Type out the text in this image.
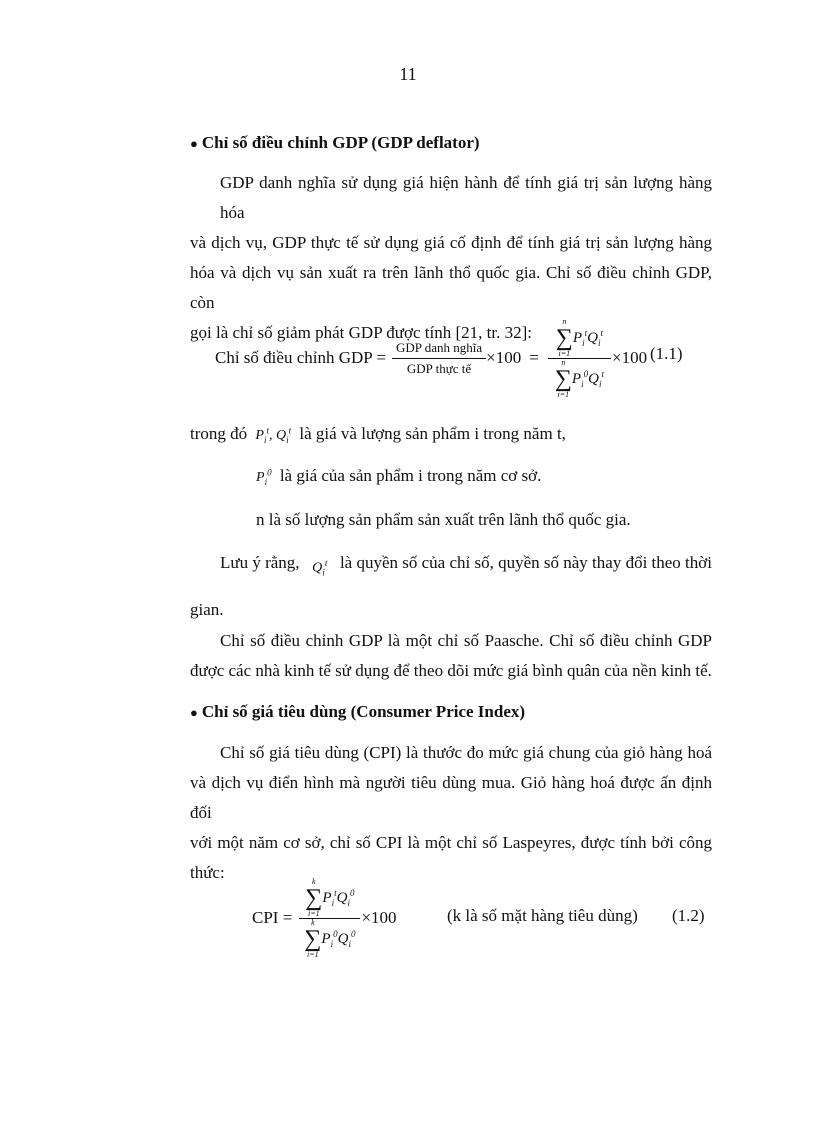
11
● Chỉ số điều chỉnh GDP (GDP deflator)
GDP danh nghĩa sử dụng giá hiện hành để tính giá trị sản lượng hàng hóa
và dịch vụ, GDP thực tế sử dụng giá cố định để tính giá trị sản lượng hàng
hóa và dịch vụ sản xuất ra trên lãnh thổ quốc gia. Chỉ số điều chỉnh GDP, còn
gọi là chỉ số giảm phát GDP được tính [21, tr. 32]:
Chỉ số điều chỉnh GDP = $\frac{\text{GDP danh nghĩa}}{\text{GDP thực tế}} \times 100 = n$
∑
i=1
$P_i^tQ_i^t$
n
∑
i=1
$P_i^0Q_i^t \times 100$ (1.1)
trong đó $P_i^t$, $Q_i^t$ là giá và lượng sản phẩm i trong năm t,
$P_i^0$ là giá của sản phẩm i trong năm cơ sở.
n là số lượng sản phẩm sản xuất trên lãnh thổ quốc gia.
Lưu ý rằng, $Q_i^t$ là quyền số của chỉ số, quyền số này thay đổi theo thời
gian.
Chỉ số điều chỉnh GDP là một chỉ số Paasche. Chỉ số điều chỉnh GDP
được các nhà kinh tế sử dụng để theo dõi mức giá bình quân của nền kinh tế.
● Chỉ số giá tiêu dùng (Consumer Price Index)
Chỉ số giá tiêu dùng (CPI) là thước đo mức giá chung của giỏ hàng hoá
và dịch vụ điển hình mà người tiêu dùng mua. Giỏ hàng hoá được ấn định đối
với một năm cơ sở, chỉ số CPI là một chỉ số Laspeyres, được tính bởi công
thức:
CPI = k
∑
i=1
$P_i^tQ_i^0$
k
∑
i=1
$P_i^0Q_i^0 \times 100$	(k là số mặt hàng tiêu dùng) (1.2)
